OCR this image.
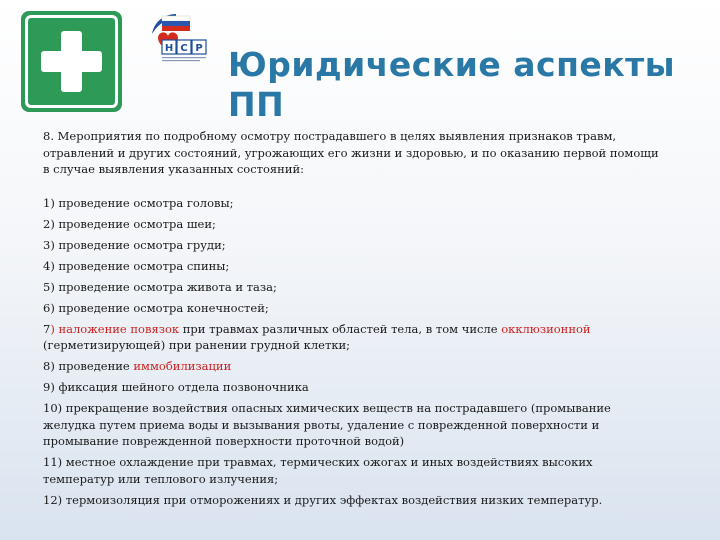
Н С Р Юридические аспекты ПП

8. Мероприятия по подробному осмотру пострадавшего в целях выявления признаков травм, отравлений и других состояний, угрожающих его жизни и здоровью, и по оказанию первой помощи в случае выявления указанных состояний:

1) проведение осмотра головы;
2) проведение осмотра шеи;
3) проведение осмотра груди;
4) проведение осмотра спины;
5) проведение осмотра живота и таза;
6) проведение осмотра конечностей;
7) наложение повязок при травмах различных областей тела, в том числе окклюзионной (герметизирующей) при ранении грудной клетки;
8) проведение иммобилизации
9) фиксация шейного отдела позвоночника
10) прекращение воздействия опасных химических веществ на пострадавшего (промывание желудка путем приема воды и вызывания рвоты, удаление с поврежденной поверхности и промывание поврежденной поверхности проточной водой)
11) местное охлаждение при травмах, термических ожогах и иных воздействиях высоких температур или теплового излучения;
12) термоизоляция при отморожениях и других эффектах воздействия низких температур.
